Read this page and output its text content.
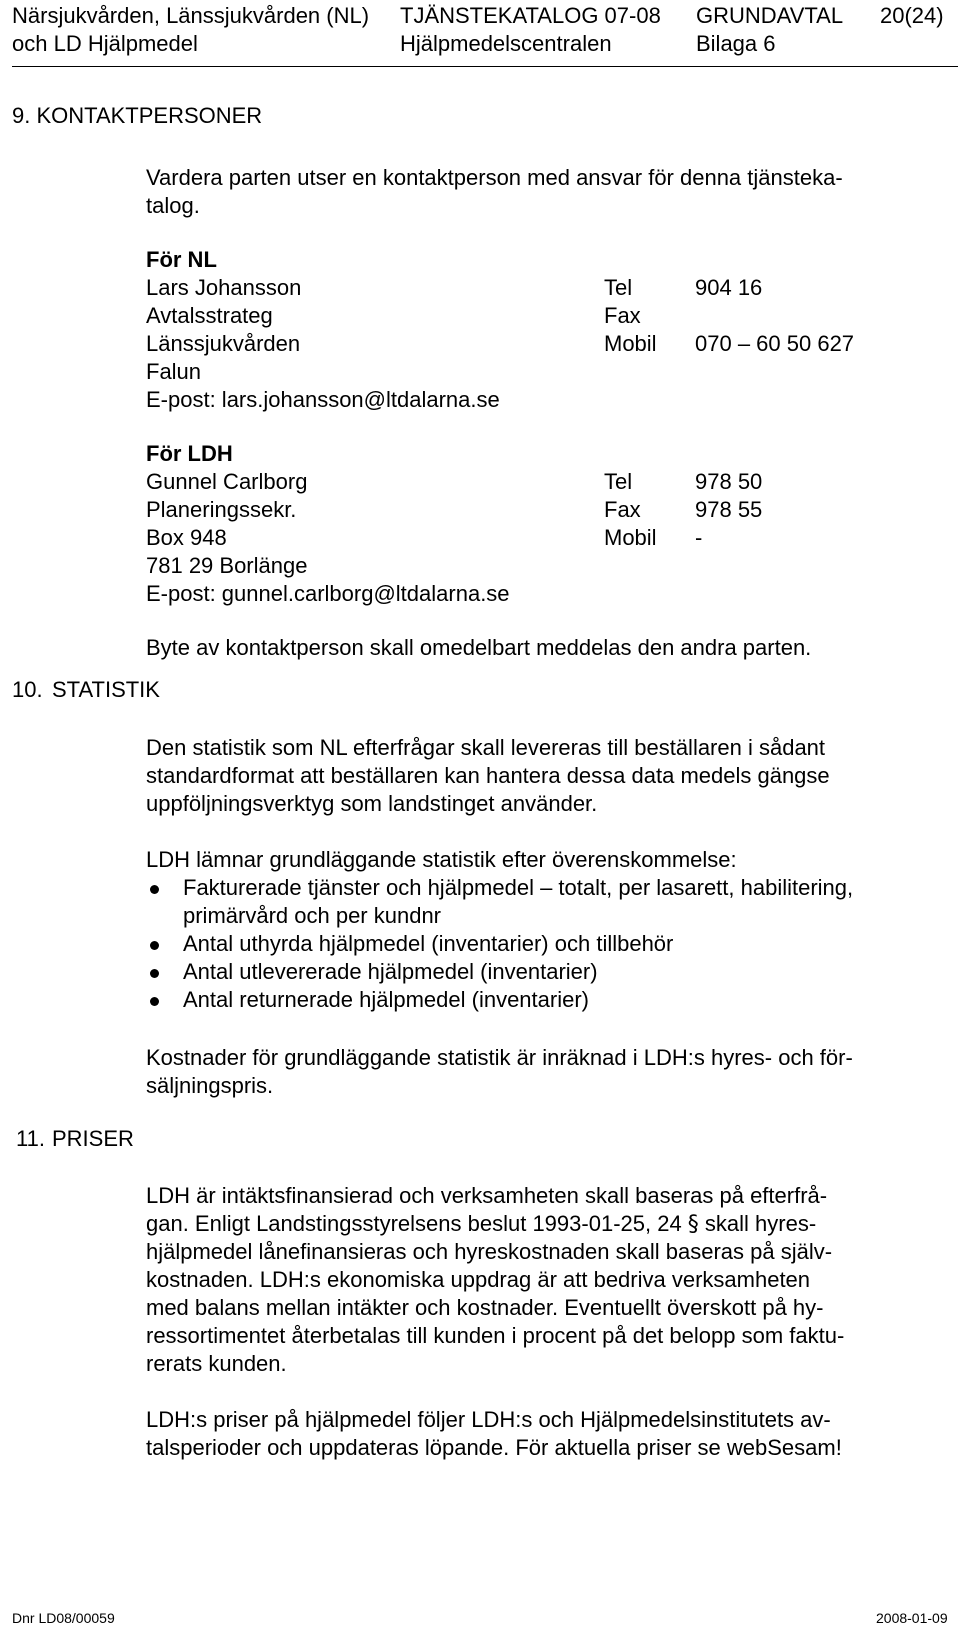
Närsjukvården, Länssjukvården (NL)
och LD Hjälpmedel
TJÄNSTEKATALOG 07-08
Hjälpmedelscentralen
GRUNDAVTAL
Bilaga 6
20(24)
9. KONTAKTPERSONER
Vardera parten utser en kontaktperson med ansvar för denna tjänsteka-
talog.
För NL
Lars Johansson	Tel	904 16
Avtalsstrateg	Fax
Länssjukvården	Mobil 070 – 60 50 627
Falun
E-post: lars.johansson@ltdalarna.se
För LDH
Gunnel Carlborg	Tel	978 50
Planeringssekr.	Fax 978 55
Box 948	Mobil -
781 29 Borlänge
E-post: gunnel.carlborg@ltdalarna.se
Byte av kontaktperson skall omedelbart meddelas den andra parten.
10. STATISTIK
Den statistik som NL efterfrågar skall levereras till beställaren i sådant
standardformat att beställaren kan hantera dessa data medels gängse
uppföljningsverktyg som landstinget använder.
LDH lämnar grundläggande statistik efter överenskommelse:
Fakturerade tjänster och hjälpmedel – totalt, per lasarett, habilitering,
primärvård och per kundnr
Antal uthyrda hjälpmedel (inventarier) och tillbehör
Antal utlevererade hjälpmedel (inventarier)
Antal returnerade hjälpmedel (inventarier)
Kostnader för grundläggande statistik är inräknad i LDH:s hyres- och för-
säljningspris.
11. PRISER
LDH är intäktsfinansierad och verksamheten skall baseras på efterfrå-
gan. Enligt Landstingsstyrelsens beslut 1993-01-25, 24 § skall hyres-
hjälpmedel lånefinansieras och hyreskostnaden skall baseras på själv-
kostnaden. LDH:s ekonomiska uppdrag är att bedriva verksamheten
med balans mellan intäkter och kostnader. Eventuellt överskott på hy-
ressortimentet återbetalas till kunden i procent på det belopp som faktu-
rerats kunden.
LDH:s priser på hjälpmedel följer LDH:s och Hjälpmedelsinstitutets av-
talsperioder och uppdateras löpande. För aktuella priser se webSesam!
Dnr LD08/00059	2008-01-09
